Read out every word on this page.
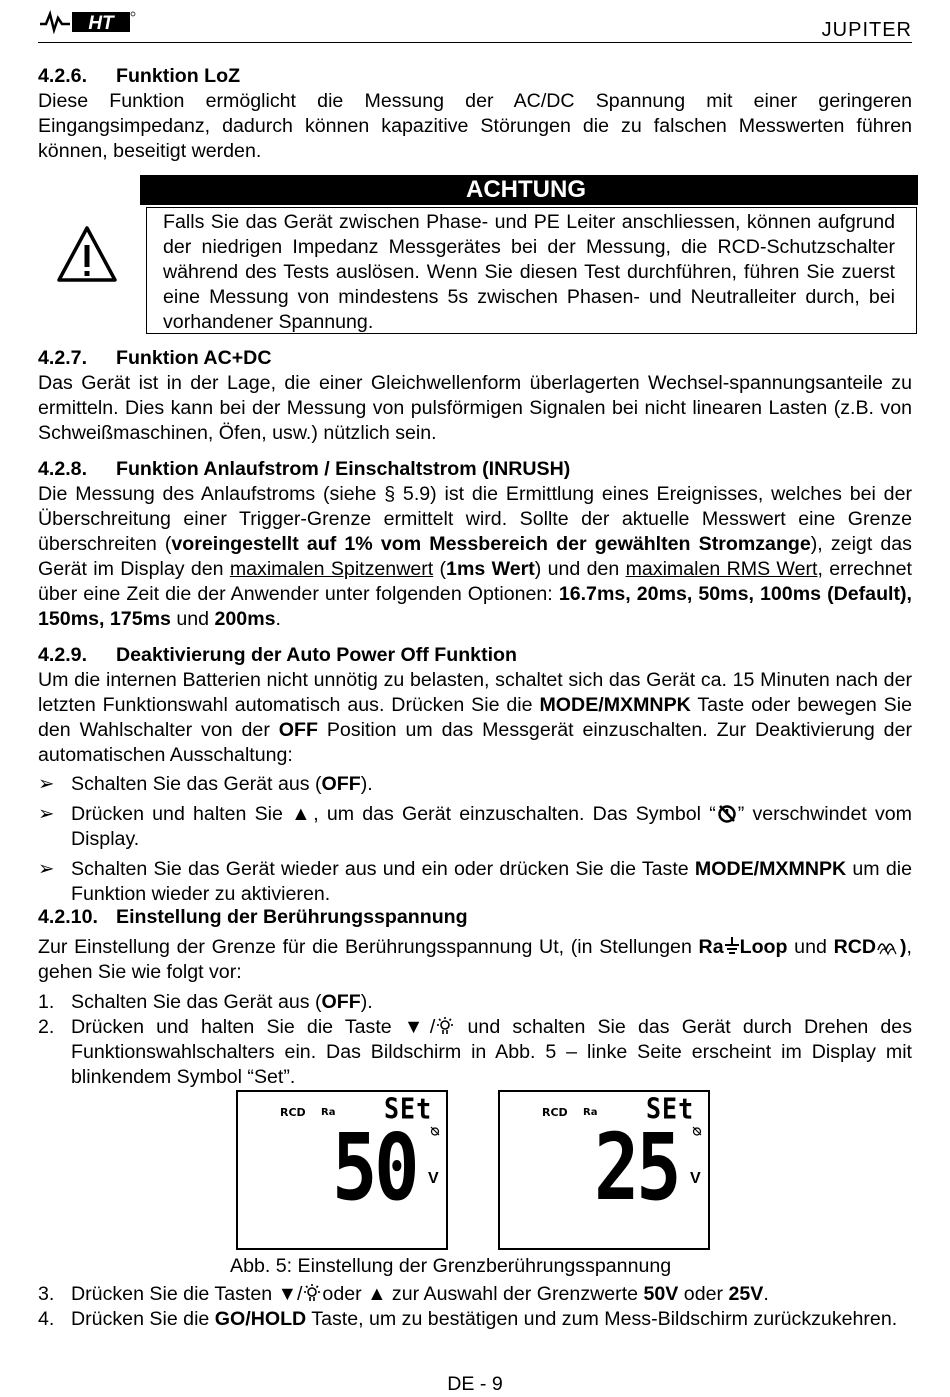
HT	JUPITER

4.2.6. Funktion LoZ

Diese Funktion ermöglicht die Messung der AC/DC Spannung mit einer geringeren Eingangsimpedanz, dadurch können kapazitive Störungen die zu falschen Messwerten führen können, beseitigt werden.

ACHTUNG

Falls Sie das Gerät zwischen Phase- und PE Leiter anschliessen, können aufgrund der niedrigen Impedanz Messgerätes bei der Messung, die RCD-Schutzschalter während des Tests auslösen. Wenn Sie diesen Test durchführen, führen Sie zuerst eine Messung von mindestens 5s zwischen Phasen- und Neutralleiter durch, bei vorhandener Spannung.

4.2.7. Funktion AC+DC

Das Gerät ist in der Lage, die einer Gleichwellenform überlagerten Wechsel-spannungsanteile zu ermitteln. Dies kann bei der Messung von pulsförmigen Signalen bei nicht linearen Lasten (z.B. von Schweißmaschinen, Öfen, usw.) nützlich sein.

4.2.8. Funktion Anlaufstrom / Einschaltstrom (INRUSH)

Die Messung des Anlaufstroms (siehe § 5.9) ist die Ermittlung eines Ereignisses, welches bei der Überschreitung einer Trigger-Grenze ermittelt wird. Sollte der aktuelle Messwert eine Grenze überschreiten (voreingestellt auf 1% vom Messbereich der gewählten Stromzange), zeigt das Gerät im Display den maximalen Spitzenwert (1ms Wert) und den maximalen RMS Wert, errechnet über eine Zeit die der Anwender unter folgenden Optionen: 16.7ms, 20ms, 50ms, 100ms (Default), 150ms, 175ms und 200ms.

4.2.9. Deaktivierung der Auto Power Off Funktion

Um die internen Batterien nicht unnötig zu belasten, schaltet sich das Gerät ca. 15 Minuten nach der letzten Funktionswahl automatisch aus. Drücken Sie die MODE/MXMNPK Taste oder bewegen Sie den Wahlschalter von der OFF Position um das Messgerät einzuschalten. Zur Deaktivierung der automatischen Ausschaltung:

➢ Schalten Sie das Gerät aus (OFF).

➢ Drücken und halten Sie ▲, um das Gerät einzuschalten. Das Symbol “ ” verschwindet vom Display.

➢ Schalten Sie das Gerät wieder aus und ein oder drücken Sie die Taste MODE/MXMNPK um die Funktion wieder zu aktivieren.

4.2.10. Einstellung der Berührungsspannung

Zur Einstellung der Grenze für die Berührungsspannung Ut, (in Stellungen Ra Loop und RCD ), gehen Sie wie folgt vor:

1. Schalten Sie das Gerät aus (OFF).

2. Drücken und halten Sie die Taste ▼/ und schalten Sie das Gerät durch Drehen des Funktionswahlschalters ein. Das Bildschirm in Abb. 5 – linke Seite erscheint im Display mit blinkendem Symbol “Set”.

RCD Ra SEt
50 V
RCD Ra SEt
25 V
Abb. 5: Einstellung der Grenzberührungsspannung

3. Drücken Sie die Tasten ▼/ oder ▲ zur Auswahl der Grenzwerte 50V oder 25V.

4. Drücken Sie die GO/HOLD Taste, um zu bestätigen und zum Mess-Bildschirm zurückzukehren.

DE - 9
